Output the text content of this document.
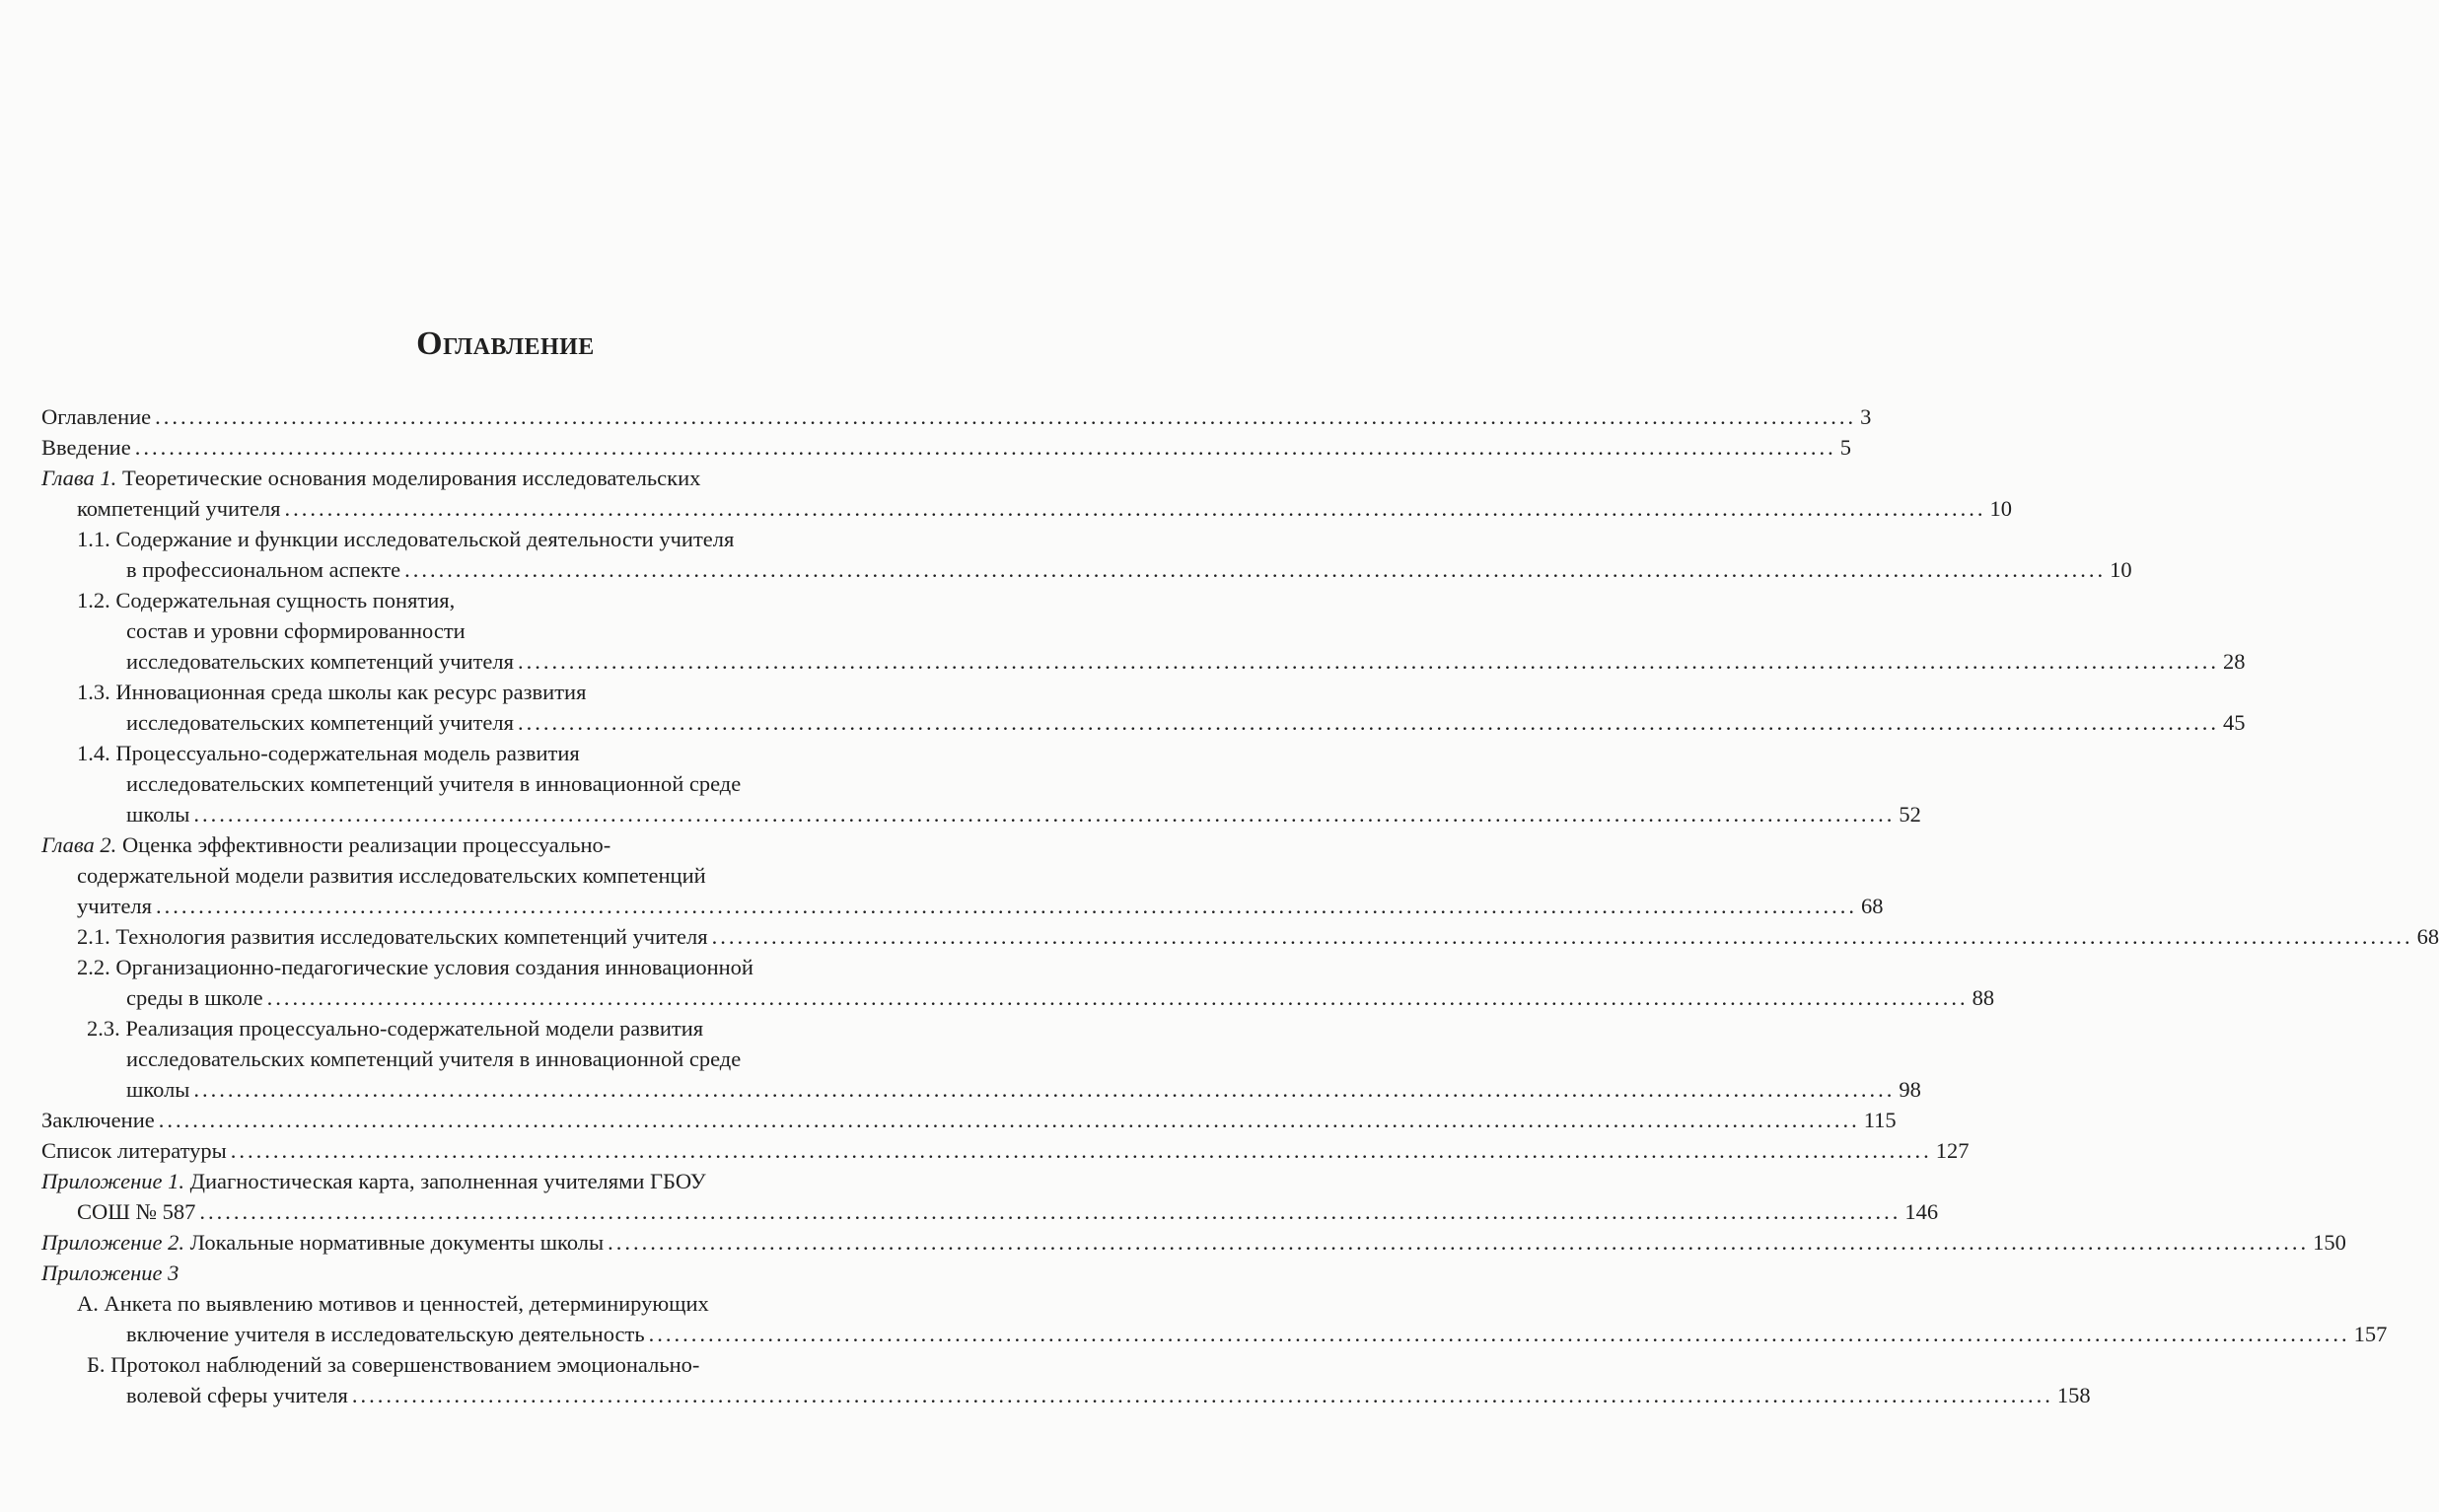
Оглавление
Оглавление ........................................................................................................................................................................................................ 3
Введение ........................................................................................................................................................................................................ 5
Глава 1. Теоретические основания моделирования исследовательских
компетенций учителя ........................................................................................................................................................................................................ 10
1.1. Содержание и функции исследовательской деятельности учителя
в профессиональном аспекте ........................................................................................................................................................................................................ 10
1.2. Содержательная сущность понятия,
состав и уровни сформированности
исследовательских компетенций учителя ........................................................................................................................................................................................................ 28
1.3. Инновационная среда школы как ресурс развития
исследовательских компетенций учителя ........................................................................................................................................................................................................ 45
1.4. Процессуально-содержательная модель развития
исследовательских компетенций учителя в инновационной среде
школы ........................................................................................................................................................................................................ 52
Глава 2. Оценка эффективности реализации процессуально-
содержательной модели развития исследовательских компетенций
учителя ........................................................................................................................................................................................................ 68
2.1. Технология развития исследовательских компетенций учителя ........................................................................................................................................................................................................ 68
2.2. Организационно-педагогические условия создания инновационной
среды в школе ........................................................................................................................................................................................................ 88
2.3. Реализация процессуально-содержательной модели развития
исследовательских компетенций учителя в инновационной среде
школы ........................................................................................................................................................................................................ 98
Заключение ........................................................................................................................................................................................................ 115
Список литературы ........................................................................................................................................................................................................ 127
Приложение 1. Диагностическая карта, заполненная учителями ГБОУ
СОШ № 587 ........................................................................................................................................................................................................ 146
Приложение 2. Локальные нормативные документы школы ........................................................................................................................................................................................................ 150
Приложение 3
А. Анкета по выявлению мотивов и ценностей, детерминирующих
включение учителя в исследовательскую деятельность ........................................................................................................................................................................................................ 157
Б. Протокол наблюдений за совершенствованием эмоционально-
волевой сферы учителя ........................................................................................................................................................................................................ 158
